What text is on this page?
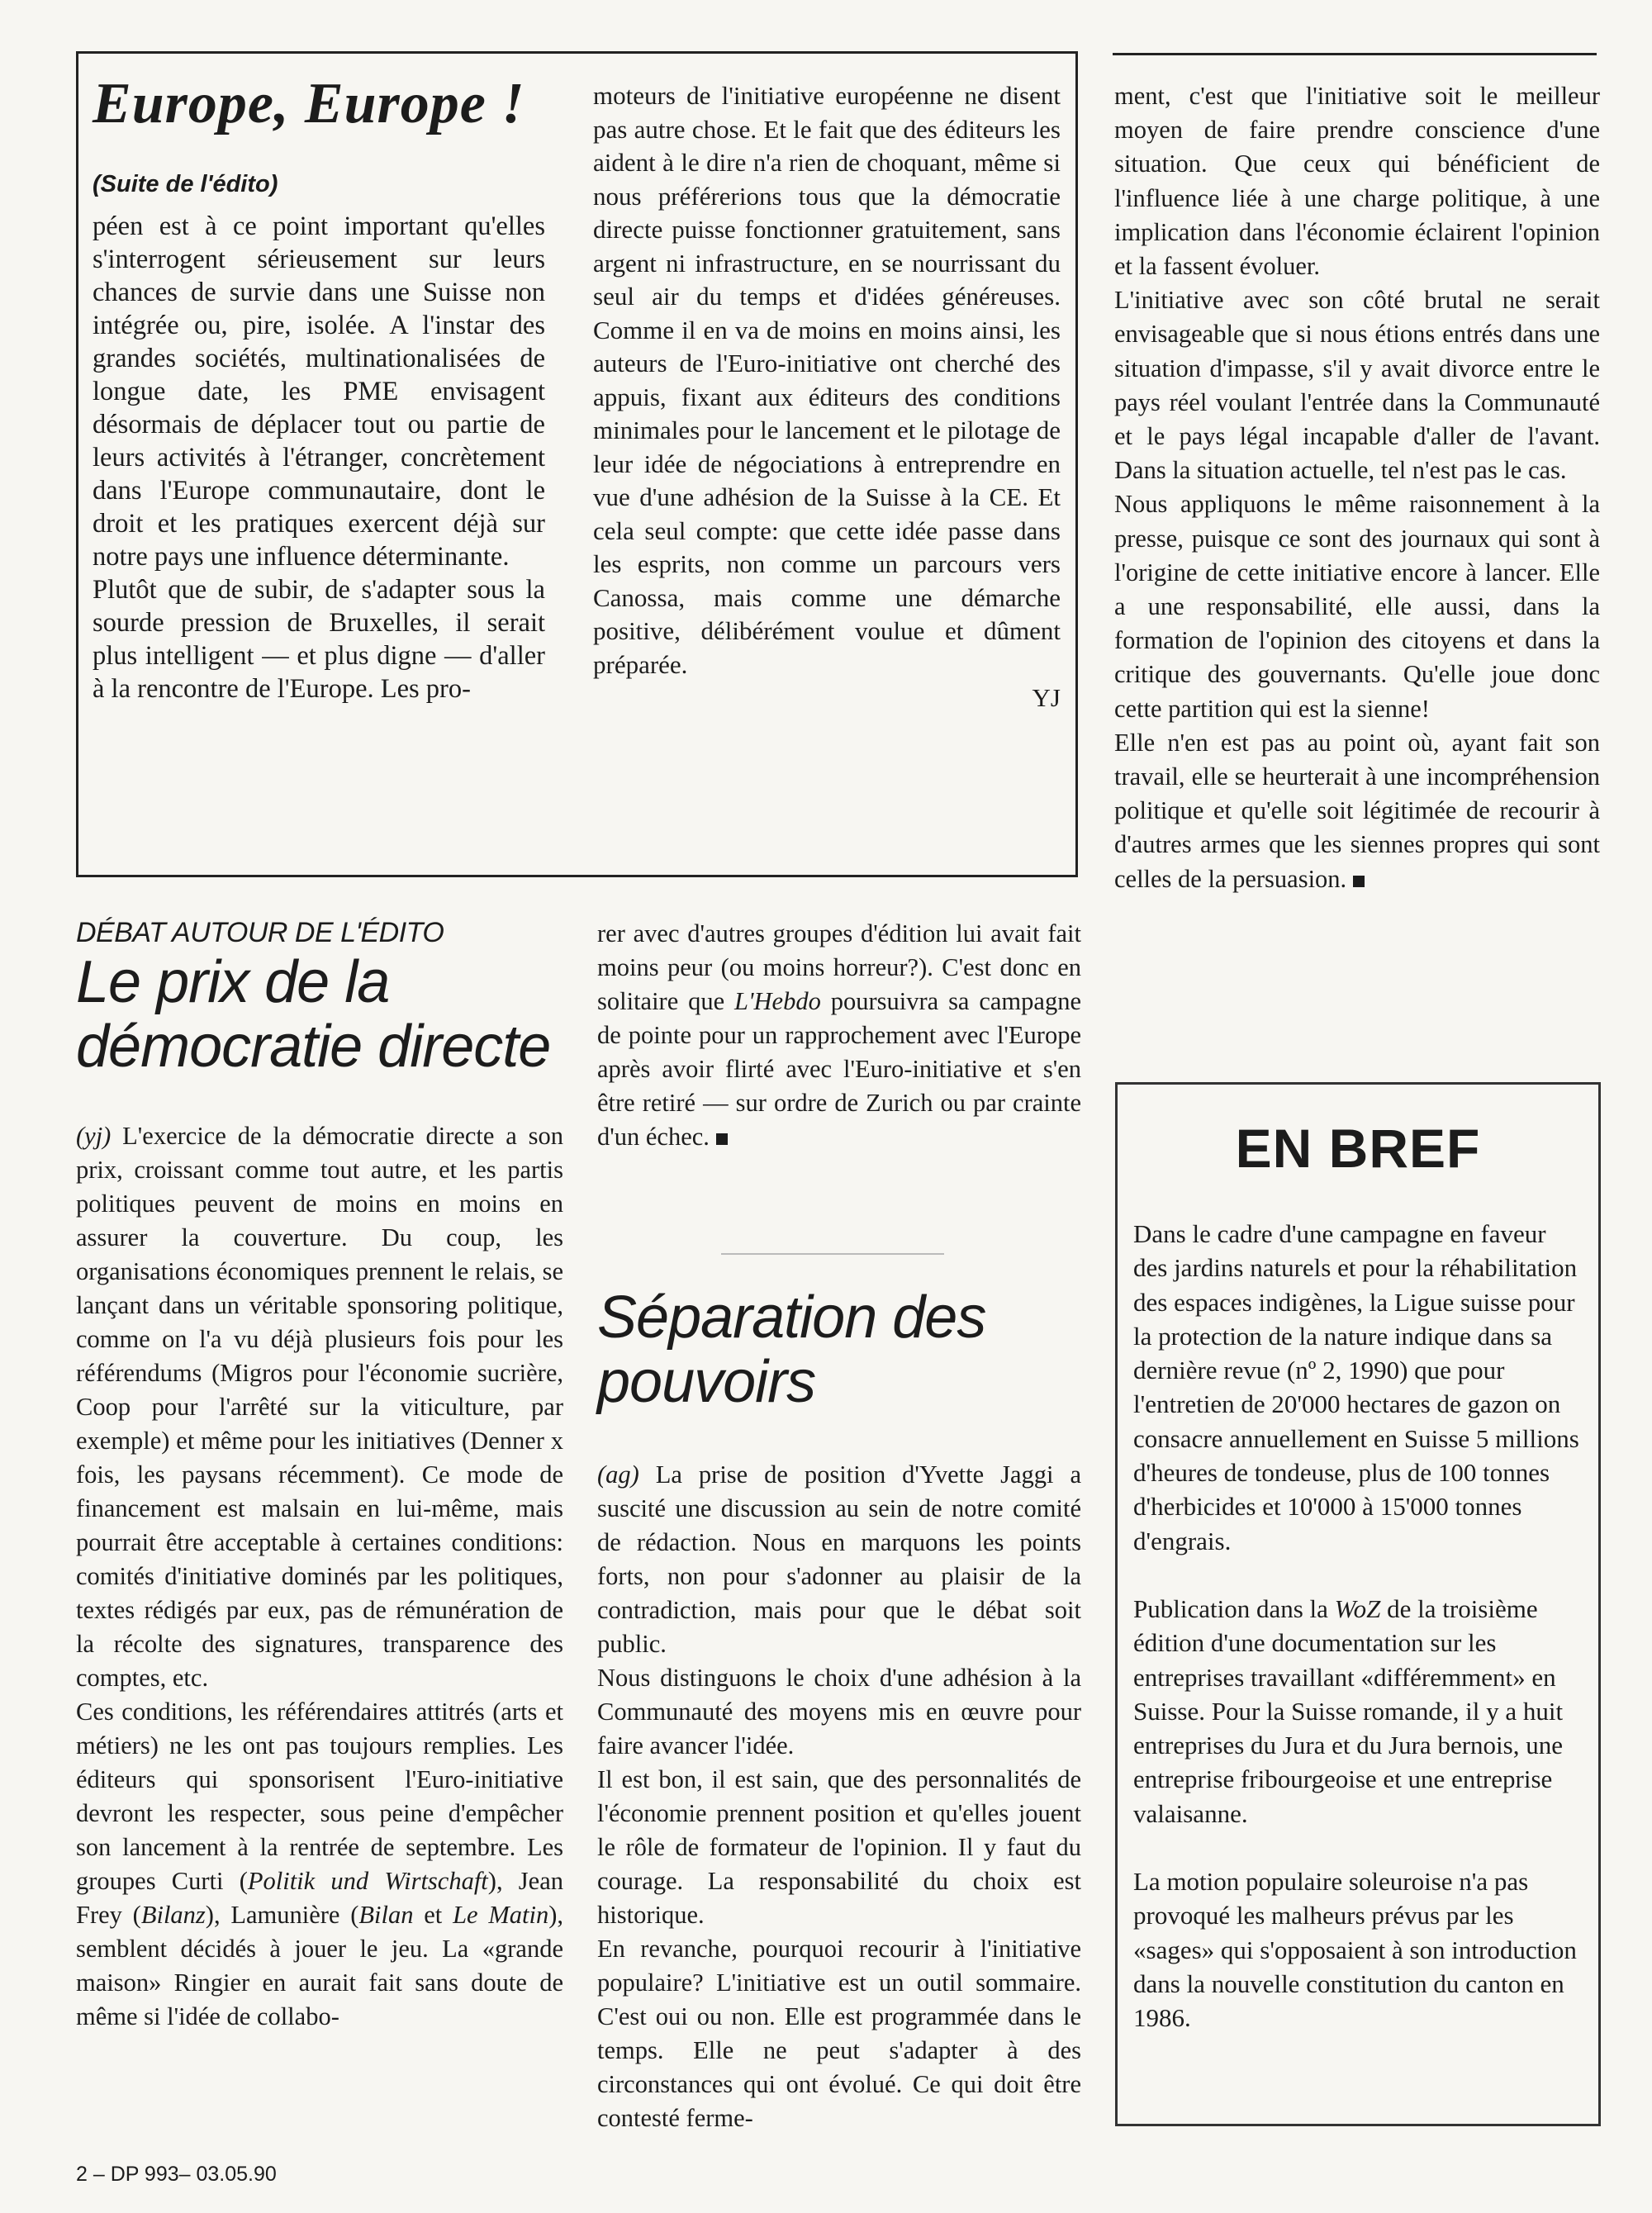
Europe, Europe !
(Suite de l'édito)

péen est à ce point important qu'elles s'interrogent sérieusement sur leurs chances de survie dans une Suisse non intégrée ou, pire, isolée. A l'instar des grandes sociétés, multinationalisées de longue date, les PME envisagent désormais de déplacer tout ou partie de leurs activités à l'étranger, concrètement dans l'Europe communautaire, dont le droit et les pratiques exercent déjà sur notre pays une influence déterminante.

Plutôt que de subir, de s'adapter sous la sourde pression de Bruxelles, il serait plus intelligent — et plus digne — d'aller à la rencontre de l'Europe. Les pro-

moteurs de l'initiative européenne ne disent pas autre chose. Et le fait que des éditeurs les aident à le dire n'a rien de choquant, même si nous préférerions tous que la démocratie directe puisse fonctionner gratuitement, sans argent ni infrastructure, en se nourrissant du seul air du temps et d'idées généreuses. Comme il en va de moins en moins ainsi, les auteurs de l'Euro-initiative ont cherché des appuis, fixant aux éditeurs des conditions minimales pour le lancement et le pilotage de leur idée de négociations à entreprendre en vue d'une adhésion de la Suisse à la CE. Et cela seul compte: que cette idée passe dans les esprits, non comme un parcours vers Canossa, mais comme une démarche positive, délibérément voulue et dûment préparée.

YJ

ment, c'est que l'initiative soit le meilleur moyen de faire prendre conscience d'une situation. Que ceux qui bénéficient de l'influence liée à une charge politique, à une implication dans l'économie éclairent l'opinion et la fassent évoluer.

L'initiative avec son côté brutal ne serait envisageable que si nous étions entrés dans une situation d'impasse, s'il y avait divorce entre le pays réel voulant l'entrée dans la Communauté et le pays légal incapable d'aller de l'avant. Dans la situation actuelle, tel n'est pas le cas.

Nous appliquons le même raisonnement à la presse, puisque ce sont des journaux qui sont à l'origine de cette initiative encore à lancer. Elle a une responsabilité, elle aussi, dans la formation de l'opinion des citoyens et dans la critique des gouvernants. Qu'elle joue donc cette partition qui est la sienne!

Elle n'en est pas au point où, ayant fait son travail, elle se heurterait à une incompréhension politique et qu'elle soit légitimée de recourir à d'autres armes que les siennes propres qui sont celles de la persuasion.

DÉBAT AUTOUR DE L'ÉDITO
Le prix de la
démocratie directe

(yj) L'exercice de la démocratie directe a son prix, croissant comme tout autre, et les partis politiques peuvent de moins en moins en assurer la couverture. Du coup, les organisations économiques prennent le relais, se lançant dans un véritable sponsoring politique, comme on l'a vu déjà plusieurs fois pour les référendums (Migros pour l'économie sucrière, Coop pour l'arrêté sur la viticulture, par exemple) et même pour les initiatives (Denner x fois, les paysans récemment). Ce mode de financement est malsain en lui-même, mais pourrait être acceptable à certaines conditions: comités d'initiative dominés par les politiques, textes rédigés par eux, pas de rémunération de la récolte des signatures, transparence des comptes, etc.

Ces conditions, les référendaires attitrés (arts et métiers) ne les ont pas toujours remplies. Les éditeurs qui sponsorisent l'Euro-initiative devront les respecter, sous peine d'empêcher son lancement à la rentrée de septembre. Les groupes Curti (Politik und Wirtschaft), Jean Frey (Bilanz), Lamunière (Bilan et Le Matin), semblent décidés à jouer le jeu. La «grande maison» Ringier en aurait fait sans doute de même si l'idée de collabo-

rer avec d'autres groupes d'édition lui avait fait moins peur (ou moins horreur?). C'est donc en solitaire que L'Hebdo poursuivra sa campagne de pointe pour un rapprochement avec l'Europe après avoir flirté avec l'Euro-initiative et s'en être retiré — sur ordre de Zurich ou par crainte d'un échec.

Séparation des
pouvoirs

(ag) La prise de position d'Yvette Jaggi a suscité une discussion au sein de notre comité de rédaction. Nous en marquons les points forts, non pour s'adonner au plaisir de la contradiction, mais pour que le débat soit public.

Nous distinguons le choix d'une adhésion à la Communauté des moyens mis en œuvre pour faire avancer l'idée.

Il est bon, il est sain, que des personnalités de l'économie prennent position et qu'elles jouent le rôle de formateur de l'opinion. Il y faut du courage. La responsabilité du choix est historique.

En revanche, pourquoi recourir à l'initiative populaire? L'initiative est un outil sommaire. C'est oui ou non. Elle est programmée dans le temps. Elle ne peut s'adapter à des circonstances qui ont évolué. Ce qui doit être contesté ferme-

EN BREF

Dans le cadre d'une campagne en faveur des jardins naturels et pour la réhabilitation des espaces indigènes, la Ligue suisse pour la protection de la nature indique dans sa dernière revue (nº 2, 1990) que pour l'entretien de 20'000 hectares de gazon on consacre annuellement en Suisse 5 millions d'heures de tondeuse, plus de 100 tonnes d'herbicides et 10'000 à 15'000 tonnes d'engrais.

Publication dans la WoZ de la troisième édition d'une documentation sur les entreprises travaillant «différemment» en Suisse. Pour la Suisse romande, il y a huit entreprises du Jura et du Jura bernois, une entreprise fribourgeoise et une entreprise valaisanne.

La motion populaire soleuroise n'a pas provoqué les malheurs prévus par les «sages» qui s'opposaient à son introduction dans la nouvelle constitution du canton en 1986.

2 – DP 993– 03.05.90
